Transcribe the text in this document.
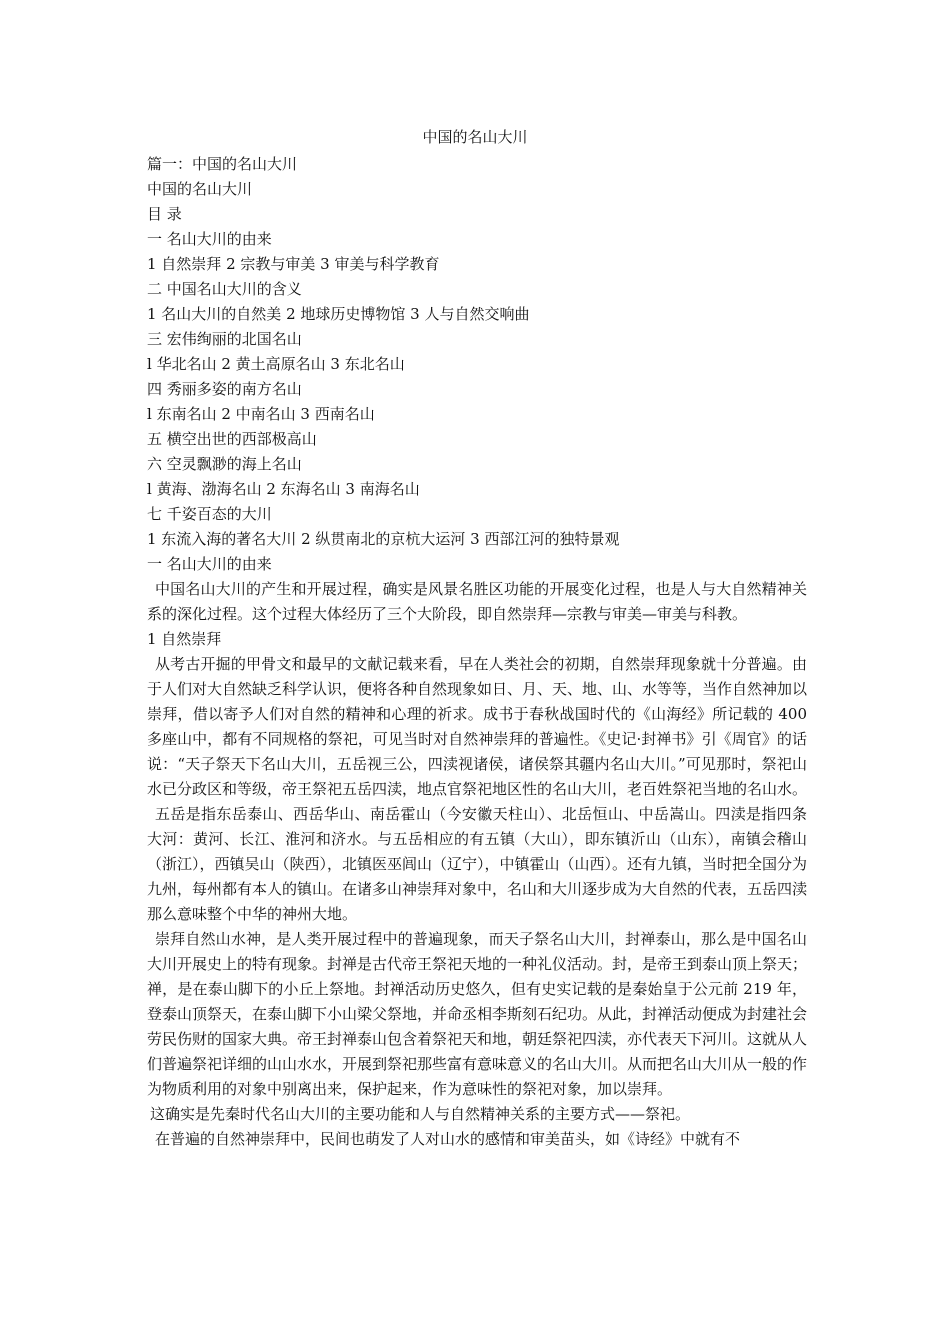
中国的名山大川
篇一：中国的名山大川
中国的名山大川
目 录
一 名山大川的由来
1 自然崇拜 2 宗教与审美 3 审美与科学教育
二 中国名山大川的含义
1 名山大川的自然美 2 地球历史博物馆 3 人与自然交响曲
三 宏伟绚丽的北国名山
l 华北名山 2 黄土高原名山 3 东北名山
四 秀丽多姿的南方名山
l 东南名山 2 中南名山 3 西南名山
五 横空出世的西部极高山
六 空灵飘渺的海上名山
l 黄海、渤海名山 2 东海名山 3 南海名山
七 千姿百态的大川
1 东流入海的著名大川 2 纵贯南北的京杭大运河 3 西部江河的独特景观
一 名山大川的由来

中国名山大川的产生和开展过程，确实是风景名胜区功能的开展变化过程，也是人与大自然精神关系的深化过程。这个过程大体经历了三个大阶段，即自然崇拜—宗教与审美—审美与科教。

1 自然崇拜

从考古开掘的甲骨文和最早的文献记载来看，早在人类社会的初期，自然崇拜现象就十分普遍。由于人们对大自然缺乏科学认识，便将各种自然现象如日、月、天、地、山、水等等，当作自然神加以崇拜，借以寄予人们对自然的精神和心理的祈求。成书于春秋战国时代的《山海经》所记载的 400 多座山中，都有不同规格的祭祀，可见当时对自然神崇拜的普遍性。《史记·封禅书》引《周官》的话说：“天子祭天下名山大川，五岳视三公，四渎视诸侯，诸侯祭其疆内名山大川。”可见那时，祭祀山水已分政区和等级，帝王祭祀五岳四渎，地点官祭祀地区性的名山大川，老百姓祭祀当地的名山水。

五岳是指东岳泰山、西岳华山、南岳霍山（今安徽天柱山）、北岳恒山、中岳嵩山。四渎是指四条大河：黄河、长江、淮河和济水。与五岳相应的有五镇（大山），即东镇沂山（山东），南镇会稽山（浙江），西镇吴山（陕西），北镇医巫闾山（辽宁），中镇霍山（山西）。还有九镇，当时把全国分为九州，每州都有本人的镇山。在诸多山神崇拜对象中，名山和大川逐步成为大自然的代表，五岳四渎那么意味整个中华的神州大地。

崇拜自然山水神，是人类开展过程中的普遍现象，而天子祭名山大川，封禅泰山，那么是中国名山大川开展史上的特有现象。封禅是古代帝王祭祀天地的一种礼仪活动。封，是帝王到泰山顶上祭天；禅，是在泰山脚下的小丘上祭地。封禅活动历史悠久，但有史实记载的是秦始皇于公元前 219 年，登泰山顶祭天，在泰山脚下小山梁父祭地，并命丞相李斯刻石纪功。从此，封禅活动便成为封建社会劳民伤财的国家大典。帝王封禅泰山包含着祭祀天和地，朝廷祭祀四渎，亦代表天下河川。这就从人们普遍祭祀详细的山山水水，开展到祭祀那些富有意味意义的名山大川。从而把名山大川从一般的作为物质利用的对象中别离出来，保护起来，作为意味性的祭祀对象，加以崇拜。

这确实是先秦时代名山大川的主要功能和人与自然精神关系的主要方式——祭祀。

在普遍的自然神崇拜中，民间也萌发了人对山水的感情和审美苗头，如《诗经》中就有不
